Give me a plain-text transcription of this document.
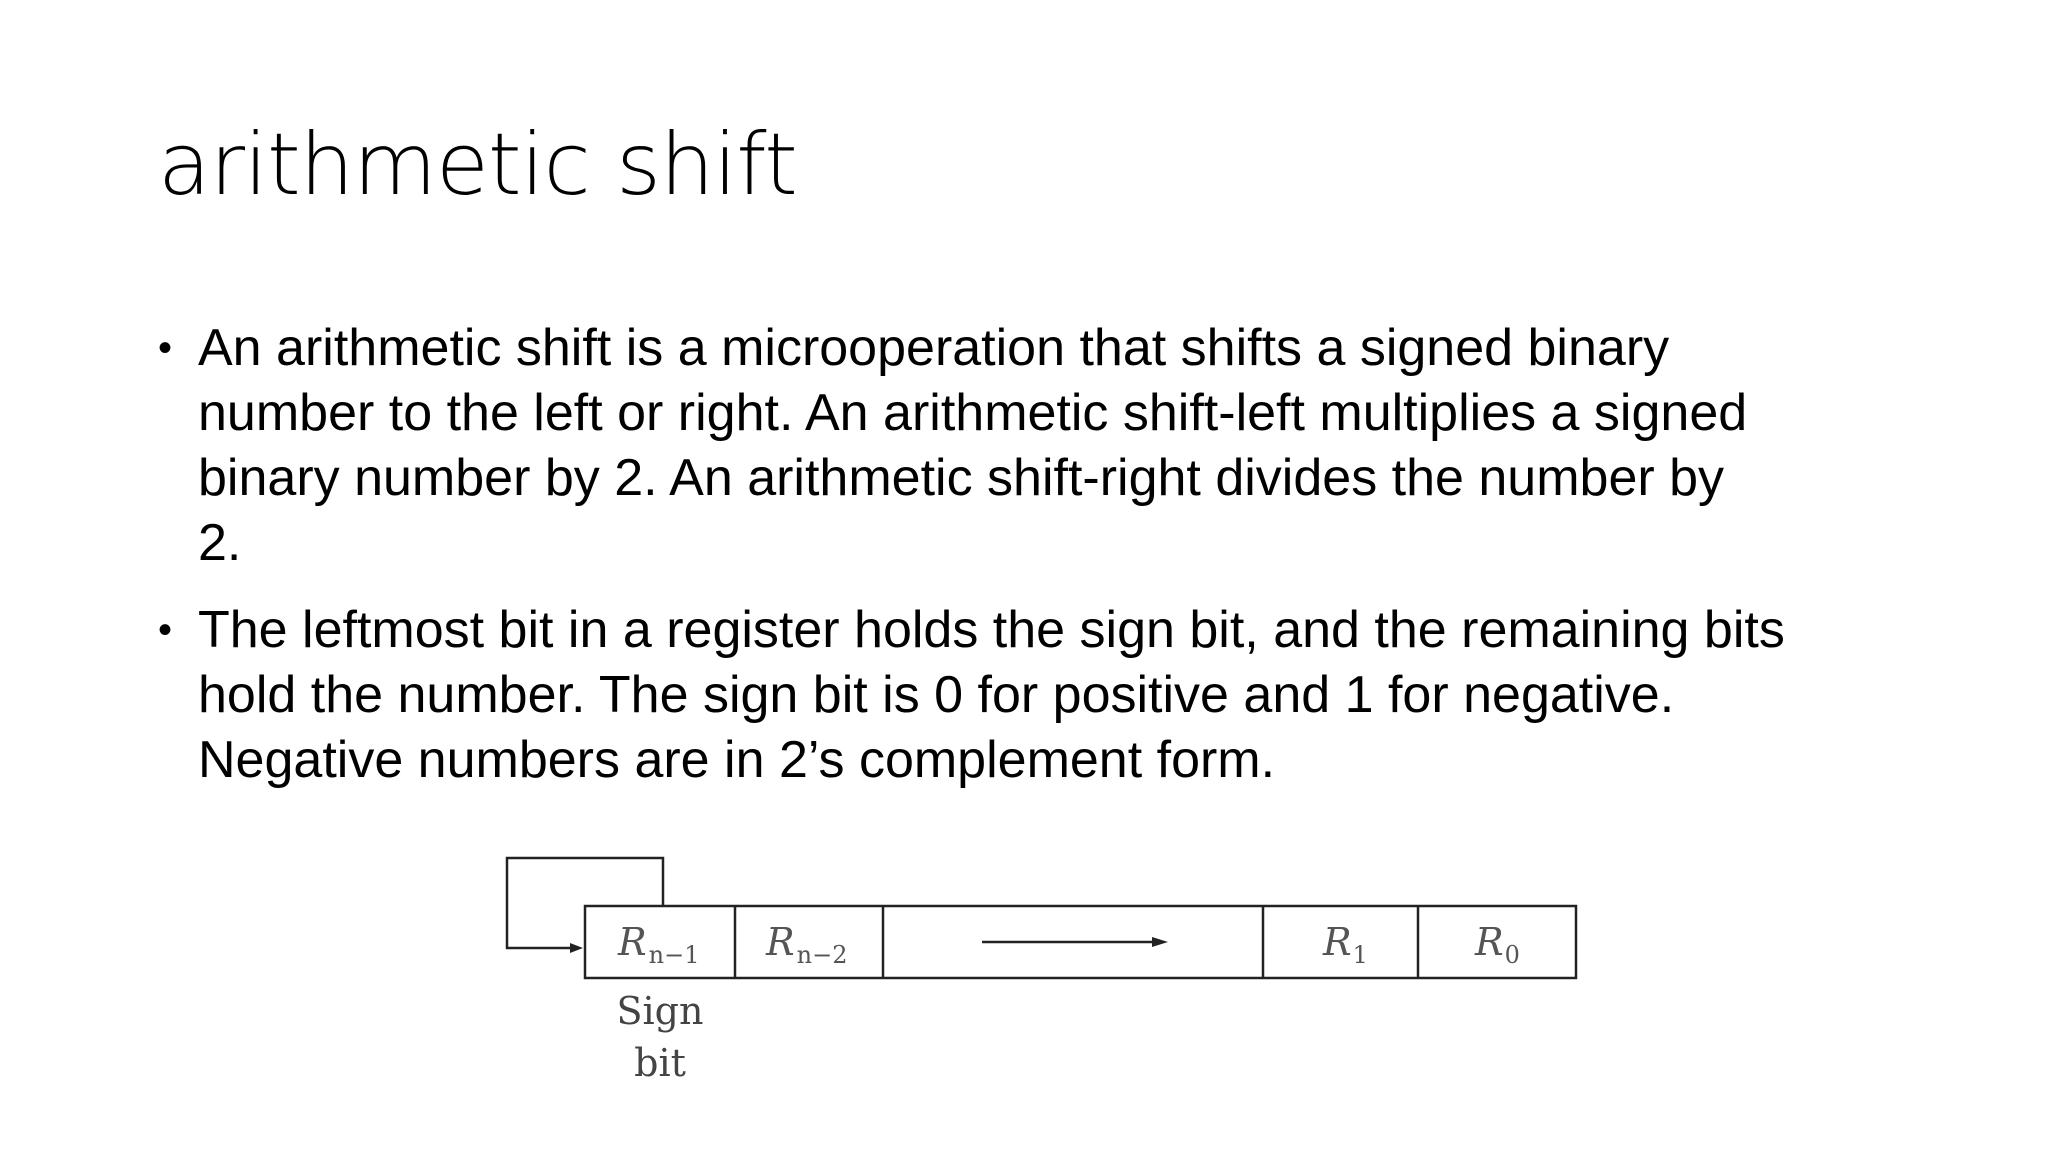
arithmetic shift
• An arithmetic shift is a microoperation that shifts a signed binary
number to the left or right. An arithmetic shift-left multiplies a signed
binary number by 2. An arithmetic shift-right divides the number by
2.
• The leftmost bit in a register holds the sign bit, and the remaining bits
hold the number. The sign bit is 0 for positive and 1 for negative.
Negative numbers are in 2’s complement form.
$R_{n-1}$ $R_{n-2}$	$R_1$	$R_0$
Sign
bit
